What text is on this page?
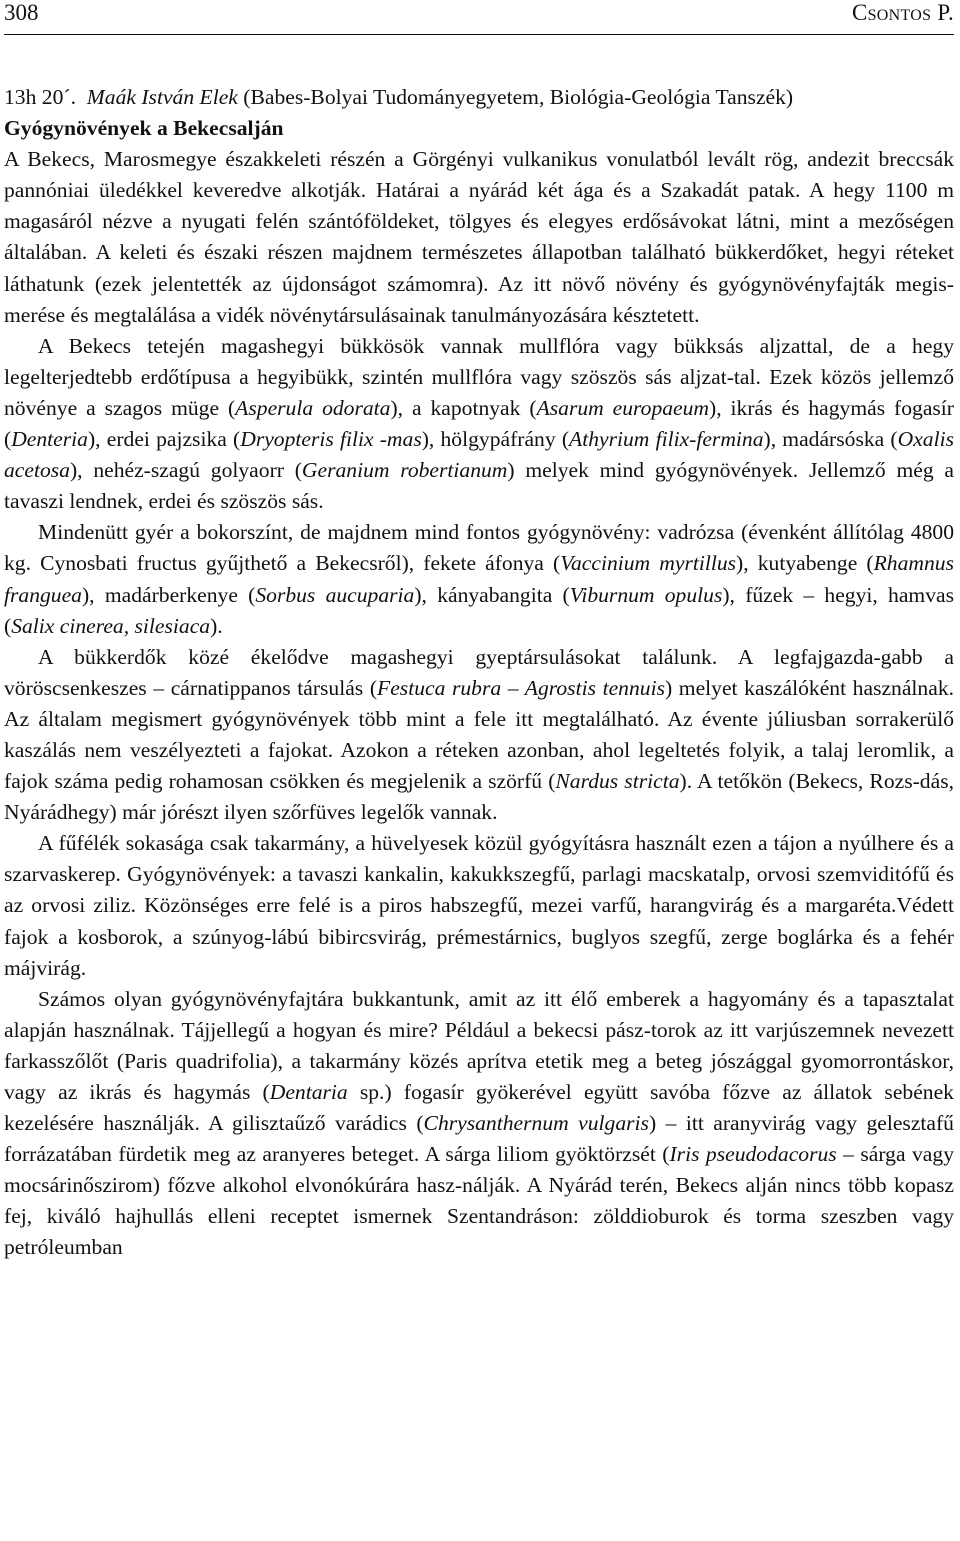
308	Csontos P.

13h 20´. Maák István Elek (Babes-Bolyai Tudományegyetem, Biológia-Geológia Tanszék)

Gyógynövények a Bekecsalján

A Bekecs, Marosmegye északkeleti részén a Görgényi vulkanikus vonulatból levált rög, andezit breccsák pannóniai üledékkel keveredve alkotják. Határai a nyárád két ága és a Szakadát patak. A hegy 1100 m magasáról nézve a nyugati felén szántóföldeket, tölgyes és elegyes erdősávokat látni, mint a mezőségen általában. A keleti és északi részen majdnem természetes állapotban található bükkerdőket, hegyi réteket láthatunk (ezek jelentették az újdonságot számomra). Az itt növő növény és gyógynövényfajták megis-merése és megtalálása a vidék növénytársulásainak tanulmányozására késztetett.

A Bekecs tetején magashegyi bükkösök vannak mullflóra vagy bükksás aljzattal, de a hegy legelterjedtebb erdőtípusa a hegyibükk, szintén mullflóra vagy szöszös sás aljzat-tal. Ezek közös jellemző növénye a szagos müge (Asperula odorata), a kapotnyak (Asarum europaeum), ikrás és hagymás fogasír (Denteria), erdei pajzsika (Dryopteris filix -mas), hölgypáfrány (Athyrium filix-fermina), madársóska (Oxalis acetosa), nehéz-szagú golyaorr (Geranium robertianum) melyek mind gyógynövények. Jellemző még a tavaszi lendnek, erdei és szöszös sás.

Mindenütt gyér a bokorszínt, de majdnem mind fontos gyógynövény: vadrózsa (évenként állítólag 4800 kg. Cynosbati fructus gyűjthető a Bekecsről), fekete áfonya (Vaccinium myrtillus), kutyabenge (Rhamnus franguea), madárberkenye (Sorbus aucuparia), kányabangita (Viburnum opulus), fűzek – hegyi, hamvas (Salix cinerea, silesiaca).

A bükkerdők közé ékelődve magashegyi gyeptársulásokat találunk. A legfajgazda-gabb a vöröscsenkeszes – cárnatippanos társulás (Festuca rubra – Agrostis tennuis) melyet kaszálóként használnak. Az általam megismert gyógynövények több mint a fele itt megtalálható. Az évente júliusban sorrakerülő kaszálás nem veszélyezteti a fajokat. Azokon a réteken azonban, ahol legeltetés folyik, a talaj leromlik, a fajok száma pedig rohamosan csökken és megjelenik a szörfű (Nardus stricta). A tetőkön (Bekecs, Rozs-dás, Nyárádhegy) már jórészt ilyen szőrfüves legelők vannak.

A fűfélék sokasága csak takarmány, a hüvelyesek közül gyógyításra használt ezen a tájon a nyúlhere és a szarvaskerep. Gyógynövények: a tavaszi kankalin, kakukkszegfű, parlagi macskatalp, orvosi szemviditófű és az orvosi ziliz. Közönséges erre felé is a piros habszegfű, mezei varfű, harangvirág és a margaréta.Védett fajok a kosborok, a szúnyog-lábú bibircsvirág, prémestárnics, buglyos szegfű, zerge boglárka és a fehér májvirág.

Számos olyan gyógynövényfajtára bukkantunk, amit az itt élő emberek a hagyomány és a tapasztalat alapján használnak. Tájjellegű a hogyan és mire? Például a bekecsi pász-torok az itt varjúszemnek nevezett farkasszőlőt (Paris quadrifolia), a takarmány közés aprítva etetik meg a beteg jószággal gyomorrontáskor, vagy az ikrás és hagymás (Dentaria sp.) fogasír gyökerével együtt savóba főzve az állatok sebének kezelésére használják. A gilisztaűző varádics (Chrysanthernum vulgaris) – itt aranyvirág vagy gelesztafű forrázatában fürdetik meg az aranyeres beteget. A sárga liliom gyöktörzsét (Iris pseudodacorus – sárga vagy mocsárinőszirom) főzve alkohol elvonókúrára hasz-nálják. A Nyárád terén, Bekecs alján nincs több kopasz fej, kiváló hajhullás elleni receptet ismernek Szentandráson: zölddioburok és torma szeszben vagy petróleumban
